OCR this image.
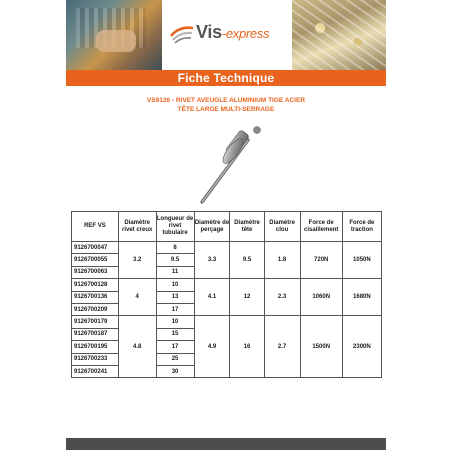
Vis-express
Fiche Technique
VS9126 - RIVET AVEUGLE ALUMINIUM TIGE ACIER
TÊTE LARGE MULTI-SERRAGE
REF VS	Diamètre rivet creux	Longueur de rivet tubulaire	Diamètre de perçage	Diamètre tête	Diamètre clou	Force de cisaillement	Force de traction
9126700047	3.2	8	3.3	9.5	1.8	720N	1050N
9126700055		9.5					
9126700063		11					
9126700128	4	10	4.1	12	2.3	1060N	1680N
9126700136		13					
9126700209		17					
9126700179	4.8	10	4.9	16	2.7	1500N	2300N
9126700187		15					
9126700195		17					
9126700233		25					
9126700241		30					
